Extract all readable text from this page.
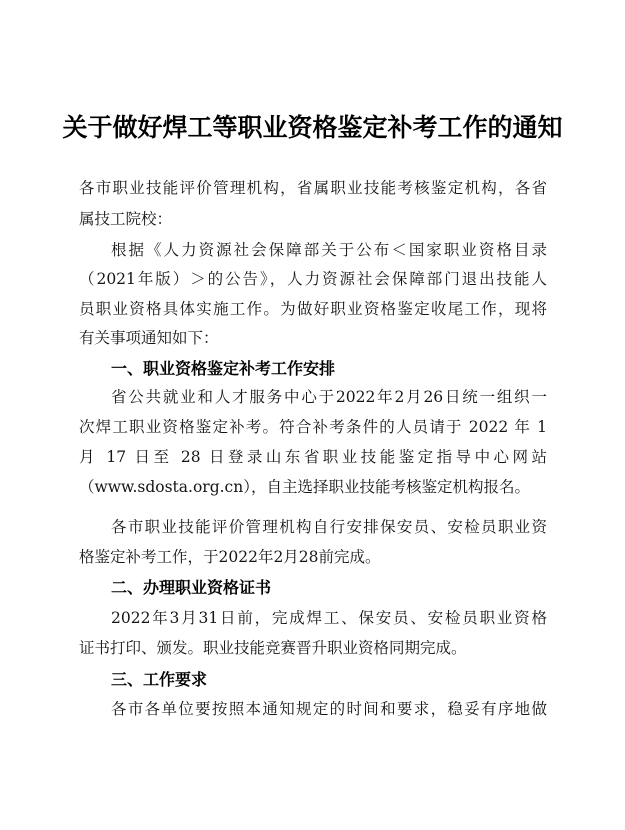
关于做好焊工等职业资格鉴定补考工作的通知
各市职业技能评价管理机构，省属职业技能考核鉴定机构，各省
属技工院校：
根据《人力资源社会保障部关于公布＜国家职业资格目录
（2021年版）＞的公告》，人力资源社会保障部门退出技能人
员职业资格具体实施工作。为做好职业资格鉴定收尾工作，现将
有关事项通知如下：
一、职业资格鉴定补考工作安排
省公共就业和人才服务中心于2022年2月26日统一组织一
次焊工职业资格鉴定补考。符合补考条件的人员请于 2022 年 1
月 17 日至 28 日登录山东省职业技能鉴定指导中心网站
（www.sdosta.org.cn），自主选择职业技能考核鉴定机构报名。
各市职业技能评价管理机构自行安排保安员、安检员职业资
格鉴定补考工作，于2022年2月28前完成。
二、办理职业资格证书
2022年3月31日前，完成焊工、保安员、安检员职业资格
证书打印、颁发。职业技能竞赛晋升职业资格同期完成。
三、工作要求
各市各单位要按照本通知规定的时间和要求，稳妥有序地做
